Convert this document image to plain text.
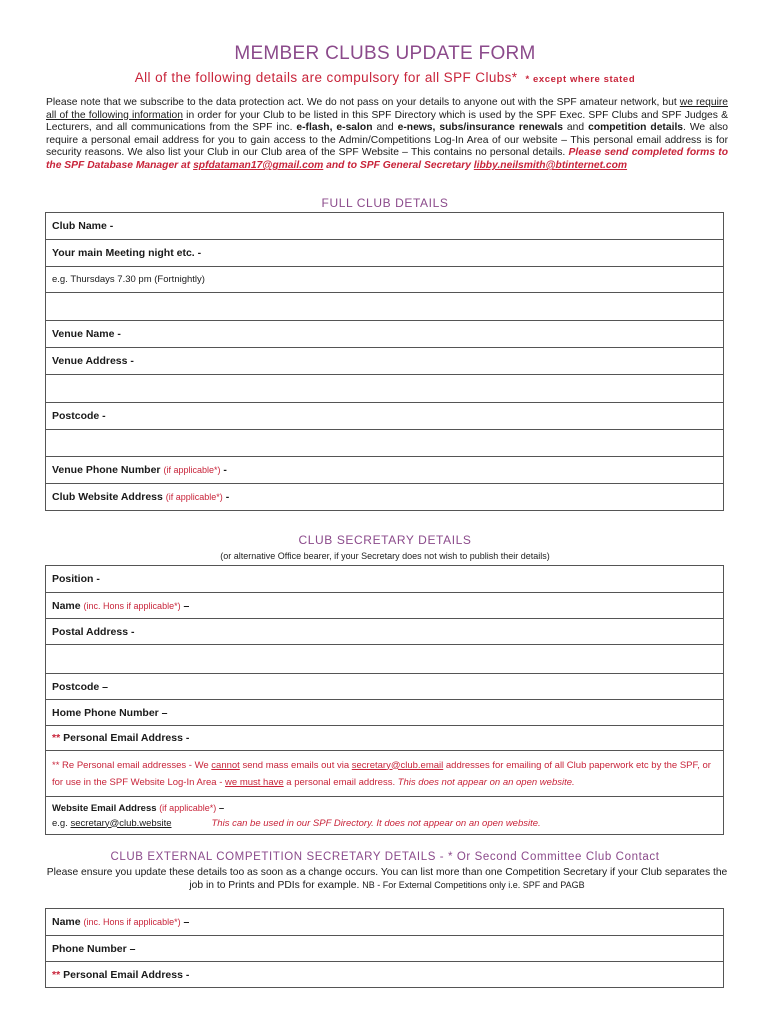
MEMBER CLUBS UPDATE FORM
All of the following details are compulsory for all SPF Clubs* * except where stated
Please note that we subscribe to the data protection act. We do not pass on your details to anyone out with the SPF amateur network, but we require all of the following information in order for your Club to be listed in this SPF Directory which is used by the SPF Exec. SPF Clubs and SPF Judges & Lecturers, and all communications from the SPF inc. e-flash, e-salon and e-news, subs/insurance renewals and competition details. We also require a personal email address for you to gain access to the Admin/Competitions Log-In Area of our website – This personal email address is for security reasons. We also list your Club in our Club area of the SPF Website – This contains no personal details. Please send completed forms to the SPF Database Manager at spfdataman17@gmail.com and to SPF General Secretary libby.neilsmith@btinternet.com
FULL CLUB DETAILS
Club Name -
Your main Meeting night etc. -
e.g. Thursdays 7.30 pm (Fortnightly)

Venue Name -
Venue Address -

Postcode -

Venue Phone Number (if applicable*) -
Club Website Address (if applicable*) -
CLUB SECRETARY DETAILS
(or alternative Office bearer, if your Secretary does not wish to publish their details)
Position -
Name (inc. Hons if applicable*) –
Postal Address -

Postcode –
Home Phone Number –
** Personal Email Address -
** Re Personal email addresses - We cannot send mass emails out via secretary@club.email addresses for emailing of all Club paperwork etc by the SPF, or for use in the SPF Website Log-In Area - we must have a personal email address. This does not appear on an open website.
Website Email Address (if applicable*) –
e.g. secretary@club.website	This can be used in our SPF Directory. It does not appear on an open website.
CLUB EXTERNAL COMPETITION SECRETARY DETAILS - * Or Second Committee Club Contact
Please ensure you update these details too as soon as a change occurs. You can list more than one Competition Secretary if your Club separates the job in to Prints and PDIs for example. NB - For External Competitions only i.e. SPF and PAGB
Name (inc. Hons if applicable*) –
Phone Number –
** Personal Email Address -
